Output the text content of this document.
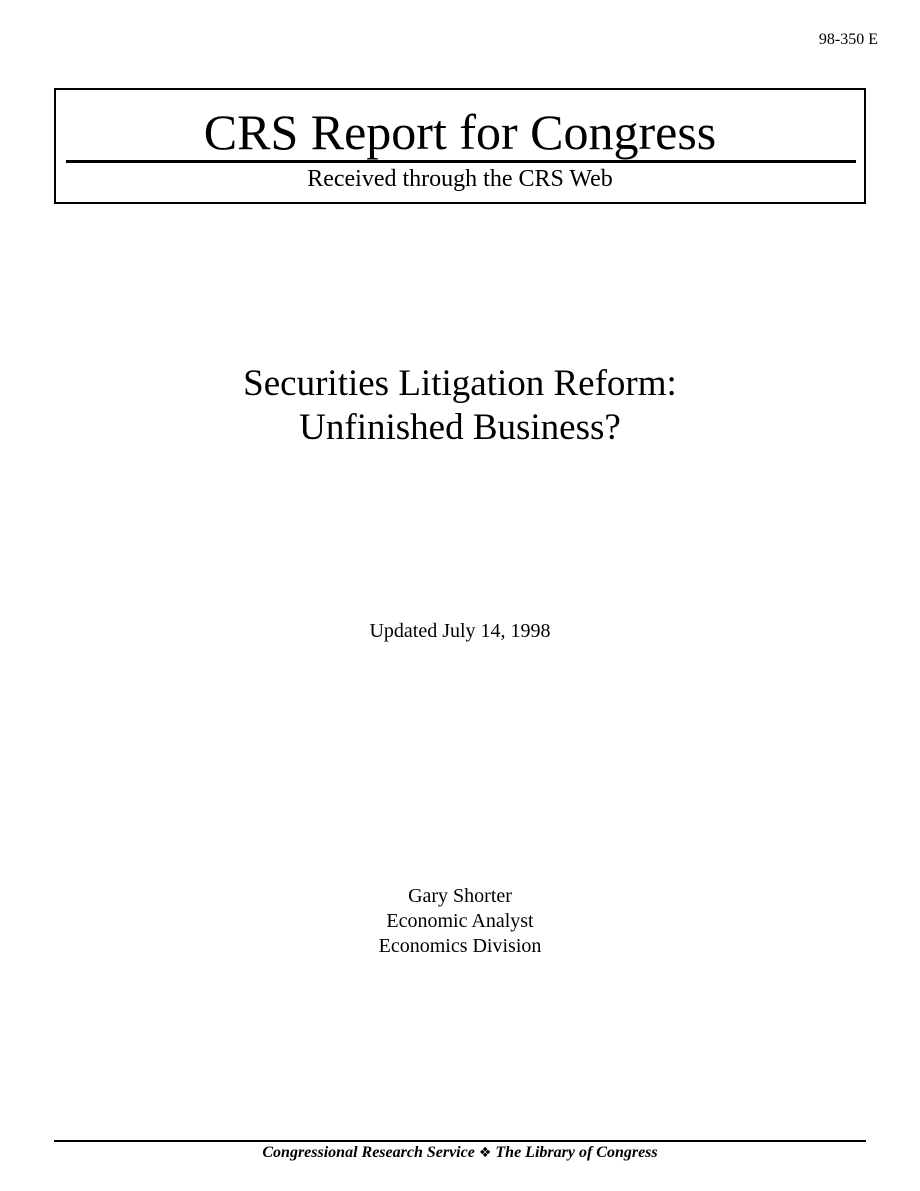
98-350 E
CRS Report for Congress
Received through the CRS Web
Securities Litigation Reform:
Unfinished Business?
Updated July 14, 1998
Gary Shorter
Economic Analyst
Economics Division
Congressional Research Service ❖ The Library of Congress
